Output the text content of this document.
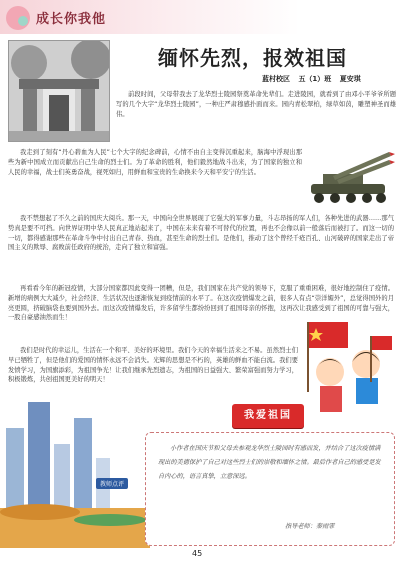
成长你我他
缅怀先烈，报效祖国
蓝村校区 五（1）班 夏安琪
前段时间，父母带我去了龙华烈士陵园祭奠革命先辈们。走进陵园，就看到了由邓小平爷爷所题写的几个大字“龙华烈士陵园”，一种庄严肃穆感扑面而来。园内青松翠柏，绿草如茵，雕塑神圣而雄伟。
我走到了刻有“丹心碧血为人民”七个大字的纪念碑前，心情不由自主变得沉重起来，脑海中浮现出那些为新中国成立而贡献出自己生命的烈士们。为了革命的胜利，他们毅然地战斗出来，为了国家的独立和人民的幸福，战士们英勇奋战，视死如归，用鲜血和宝贵的生命换来今天和平安宁的生活。
我不禁想起了不久之前的国庆大阅兵。那一天，中国向全世界展现了它强大的军事力量，斗志昂扬的军人们，各种先进的武器……那气势真是要不可挡。向世界证明中华人民真正地站起来了，中国在未来有着不可替代的位置，再也不会像以前一般落后而被打了。而这一切的一切，都得感谢那些在革命斗争中付出自己青春、热血，甚至生命的烈士们。是他们，推动了这个曾经千疮百孔、山河破碎的国家走出了帝国主义的欺辱、腐败前任政府的统治，走向了独立和富强。
再看看今年的新冠疫情，大部分国家都因此变得一团糟，但是，我们国家在共产党的领导下，克服了重重困难，很好地控制住了疫情。新增的病例大大减少，社会经济、生活状况也逐渐恢复到疫情前的水平了。在这次疫情爆发之前，很多人有点“崇洋媚外”，总觉得国外的月亮更圆，挤破脑袋也要到国外去。而这次疫情爆发后，许多留学生都纷纷回到了祖国母亲的怀抱，这再次让我感受到了祖国的可靠与强大，一股自豪感油然而生！
我们是时代的幸运儿，生活在一个和平、美好的环境里。我们今天的幸福生活来之不易。虽然烈士们早已牺牲了，但是他们的爱国的情怀永远不会消失。光辉的思想是不朽的，英雄的鲜血不能白流。我们要发愤学习，为国旗添彩，为祖国争光！让我们继承先烈遗志，为祖国的日益强大、繁荣富强而努力学习，积极锻炼，共创祖国更美好的明天！
我爱祖国
教师点评
小作者在国庆节和父母去参观龙华烈士陵园时有感而发，并结合了这次疫情满现出的美德保护了自己对这些烈士们的崇敬和缅怀之情。最后作者自己的感受是发自内心的，语言真挚，立意深远。
指导老师：秦雨霏
45
